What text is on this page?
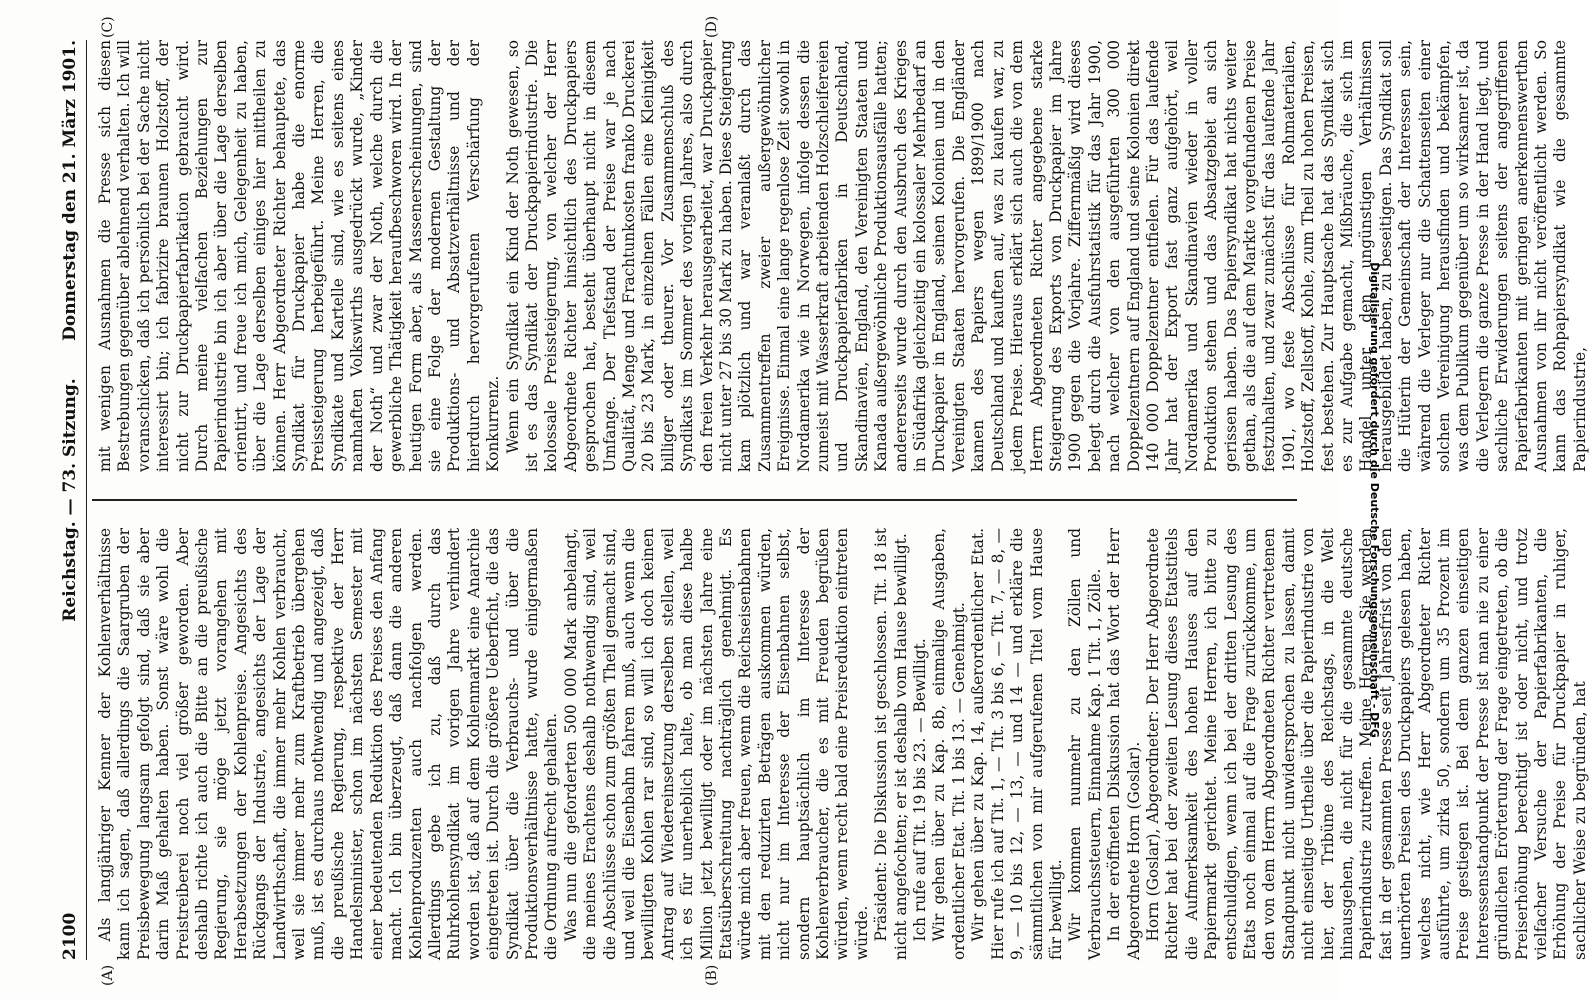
2100
Reichstag. — 73. Sitzung.
Donnerstag den 21. März 1901.
(A)	(B)
(C)	(D)

Als langjähriger Kenner der Kohlenverhältnisse kann ich sagen, daß allerdings die Saargruben der Preisbewegung langsam gefolgt sind, daß sie aber darin Maß gehalten haben. Sonst wäre wohl die Preistreiberei noch viel größer geworden. Aber deshalb richte ich auch die Bitte an die preußische Regierung, sie möge jetzt vorangehen mit Herabsetzungen der Kohlenpreise. Angesichts des Rückgangs der Industrie, angesichts der Lage der Landwirthschaft, die immer mehr Kohlen verbraucht, weil sie immer mehr zum Kraftbetrieb übergehen muß, ist es durchaus nothwendig und angezeigt, daß die preußische Regierung, respektive der Herr Handelsminister, schon im nächsten Semester mit einer bedeutenden Reduktion des Preises den Anfang macht. Ich bin überzeugt, daß dann die anderen Kohlenproduzenten auch nachfolgen werden. Allerdings gebe ich zu, daß durch das Ruhrkohlensyndikat im vorigen Jahre verhindert worden ist, daß auf dem Kohlenmarkt eine Anarchie eingetreten ist. Durch die größere Ueberficht, die das Syndikat über die Verbrauchs- und über die Produktionsverhältnisse hatte, wurde einigermaßen die Ordnung aufrecht gehalten. Was nun die geforderten 500 000 Mark anbelangt, die meines Erachtens deshalb nothwendig sind, weil die Abschlüsse schon zum größten Theil gemacht sind, und weil die Eisenbahn fahren muß, auch wenn die bewilligten Kohlen rar sind, so will ich doch keinen Antrag auf Wiedereinsetzung derselben stellen, weil ich es für unerheblich halte, ob man diese halbe Million jetzt bewilligt oder im nächsten Jahre eine Etatsüberschreitung nachträglich genehmigt. Es würde mich aber freuen, wenn die Reichseisenbahnen mit den reduzirten Beträgen auskommen würden, nicht nur im Interesse der Eisenbahnen selbst, sondern hauptsächlich im Interesse der Kohlenverbraucher, die es mit Freuden begrüßen würden, wenn recht bald eine Preisreduktion eintreten würde. Präsident: Die Diskussion ist geschlossen. Tit. 18 ist nicht angefochten; er ist deshalb vom Hause bewilligt. Ich rufe auf Tit. 19 bis 23. — Bewilligt. Wir gehen über zu Kap. 8b, einmalige Ausgaben, ordentlicher Etat. Tit. 1 bis 13. — Genehmigt. Wir gehen über zu Kap. 14, außerordentlicher Etat. Hier rufe ich auf Tit. 1, — Tit. 3 bis 6, — Tit. 7, — 8, — 9, — 10 bis 12, — 13, — und 14 — und erkläre die sämmtlichen von mir aufgerufenen Titel vom Hause für bewilligt. Wir kommen nunmehr zu den Zöllen und Verbrauchssteuern, Einnahme Kap. 1 Tit. 1, Zölle. In der eröffneten Diskussion hat das Wort der Herr Abgeordnete Horn (Goslar). Horn (Goslar), Abgeordneter: Der Herr Abgeordnete Richter hat bei der zweiten Lesung dieses Etatstitels die Aufmerksamkeit des hohen Hauses auf den Papiermarkt gerichtet. Meine Herren, ich bitte zu entschuldigen, wenn ich bei der dritten Lesung des Etats noch einmal auf die Frage zurückkomme, um den von dem Herrn Abgeordneten Richter vertretenen Standpunkt nicht unwidersprochen zu lassen, damit nicht einseitige Urtheile über die Papierindustrie von hier, der Tribüne des Reichstags, in die Welt hinausgehen, die nicht für die gesammte deutsche Papierindustrie zutreffen. Meine Herren, Sie werden fast in der gesammten Presse seit Jahresfrist von den unerhörten Preisen des Druckpapiers gelesen haben, welches nicht, wie Herr Abgeordneter Richter ausführte, um zirka 50, sondern um 35 Prozent im Preise gestiegen ist. Bei dem ganzen einseitigen Interessenstandpunkt der Presse ist man nie zu einer gründlichen Erörterung der Frage eingetreten, ob die Preiserhöhung berechtigt ist oder nicht, und trotz vielfacher Versuche der Papierfabrikanten, die Erhöhung der Preise für Druckpapier in ruhiger, sachlicher Weise zu begründen, hat

mit wenigen Ausnahmen die Presse sich diesen Bestrebungen gegenüber ablehnend verhalten. Ich will voranschicken, daß ich persönlich bei der Sache nicht interessirt bin; ich fabrizire braunen Holzstoff, der nicht zur Druckpapierfabrikation gebraucht wird. Durch meine vielfachen Beziehungen zur Papierindustrie bin ich aber über die Lage derselben orientirt, und freue ich mich, Gelegenheit zu haben, über die Lage derselben einiges hier mittheilen zu können. Herr Abgeordneter Richter behauptete, das Syndikat für Druckpapier habe die enorme Preissteigerung herbeigeführt. Meine Herren, die Syndikate und Kartelle sind, wie es seitens eines namhaften Volkswirths ausgedrückt wurde, „Kinder der Noth“ und zwar der Noth, welche durch die gewerbliche Thätigkeit heraufbeschworen wird. In der heutigen Form aber, als Massenerscheinungen, sind sie eine Folge der modernen Gestaltung der Produktions- und Absatzverhältnisse und der hierdurch hervorgerufenen Verschärfung der Konkurrenz. Wenn ein Syndikat ein Kind der Noth gewesen, so ist es das Syndikat der Druckpapierindustrie. Die kolossale Preissteigerung, von welcher der Herr Abgeordnete Richter hinsichtlich des Druckpapiers gesprochen hat, besteht überhaupt nicht in diesem Umfange. Der Tiefstand der Preise war je nach Qualität, Menge und Frachtunkosten franko Druckerei 20 bis 23 Mark, in einzelnen Fällen eine Kleinigkeit billiger oder theurer. Vor Zusammenschluß des Syndikats im Sommer des vorigen Jahres, also durch den freien Verkehr herausgearbeitet, war Druckpapier nicht unter 27 bis 30 Mark zu haben. Diese Steigerung kam plötzlich und war veranlaßt durch das Zusammentreffen zweier außergewöhnlicher Ereignisse. Einmal eine lange regenlose Zeit sowohl in Nordamerika wie in Norwegen, infolge dessen die zumeist mit Wasserkraft arbeitenden Holzschleifereien und Druckpapierfabriken in Deutschland, Skandinavien, England, den Vereinigten Staaten und Kanada außergewöhnliche Produktionsausfälle hatten; andererseits wurde durch den Ausbruch des Krieges in Südafrika gleichzeitig ein kolossaler Mehrbedarf an Druckpapier in England, seinen Kolonien und in den Vereinigten Staaten hervorgerufen. Die Engländer kamen des Papiers wegen 1899/1900 nach Deutschland und kauften auf, was zu kaufen war, zu jedem Preise. Hieraus erklärt sich auch die von dem Herrn Abgeordneten Richter angegebene starke Steigerung des Exports von Druckpapier im Jahre 1900 gegen die Vorjahre. Ziffernmäßig wird dieses belegt durch die Ausfuhrstatistik für das Jahr 1900, nach welcher von den ausgeführten 300 000 Doppelzentnern auf England und seine Kolonien direkt 140 000 Doppelzentner entfielen. Für das laufende Jahr hat der Export fast ganz aufgehört, weil Nordamerika und Skandinavien wieder in voller Produktion stehen und das Absatzgebiet an sich gerissen haben. Das Papiersyndikat hat nichts weiter gethan, als die auf dem Markte vorgefundenen Preise festzuhalten, und zwar zunächst für das laufende Jahr 1901, wo feste Abschlüsse für Rohmaterialien, Holzstoff, Zellstoff, Kohle, zum Theil zu hohen Preisen, fest bestehen. Zur Hauptsache hat das Syndikat sich es zur Aufgabe gemacht, Mißbräuche, die sich im Handel unter den ungünstigen Verhältnissen herausgebildet haben, zu beseitigen. Das Syndikat soll die Hüterin der Gemeinschaft der Interessen sein, während die Verleger nur die Schattenseiten einer solchen Vereinigung herausfinden und bekämpfen, was dem Publikum gegenüber um so wirksamer ist, da die Verlegern die ganze Presse in der Hand liegt, und sachliche Erwiderungen seitens der angegriffenen Papierfabrikanten mit geringen anerkennenswerthen Ausnahmen von ihr nicht veröffentlicht werden. So kann das Rohpapiersyndikat wie die gesammte Papierindustrie,

Digitalisierung gefördert durch die Deutsche Forschungsgemeinschaft - DFG
